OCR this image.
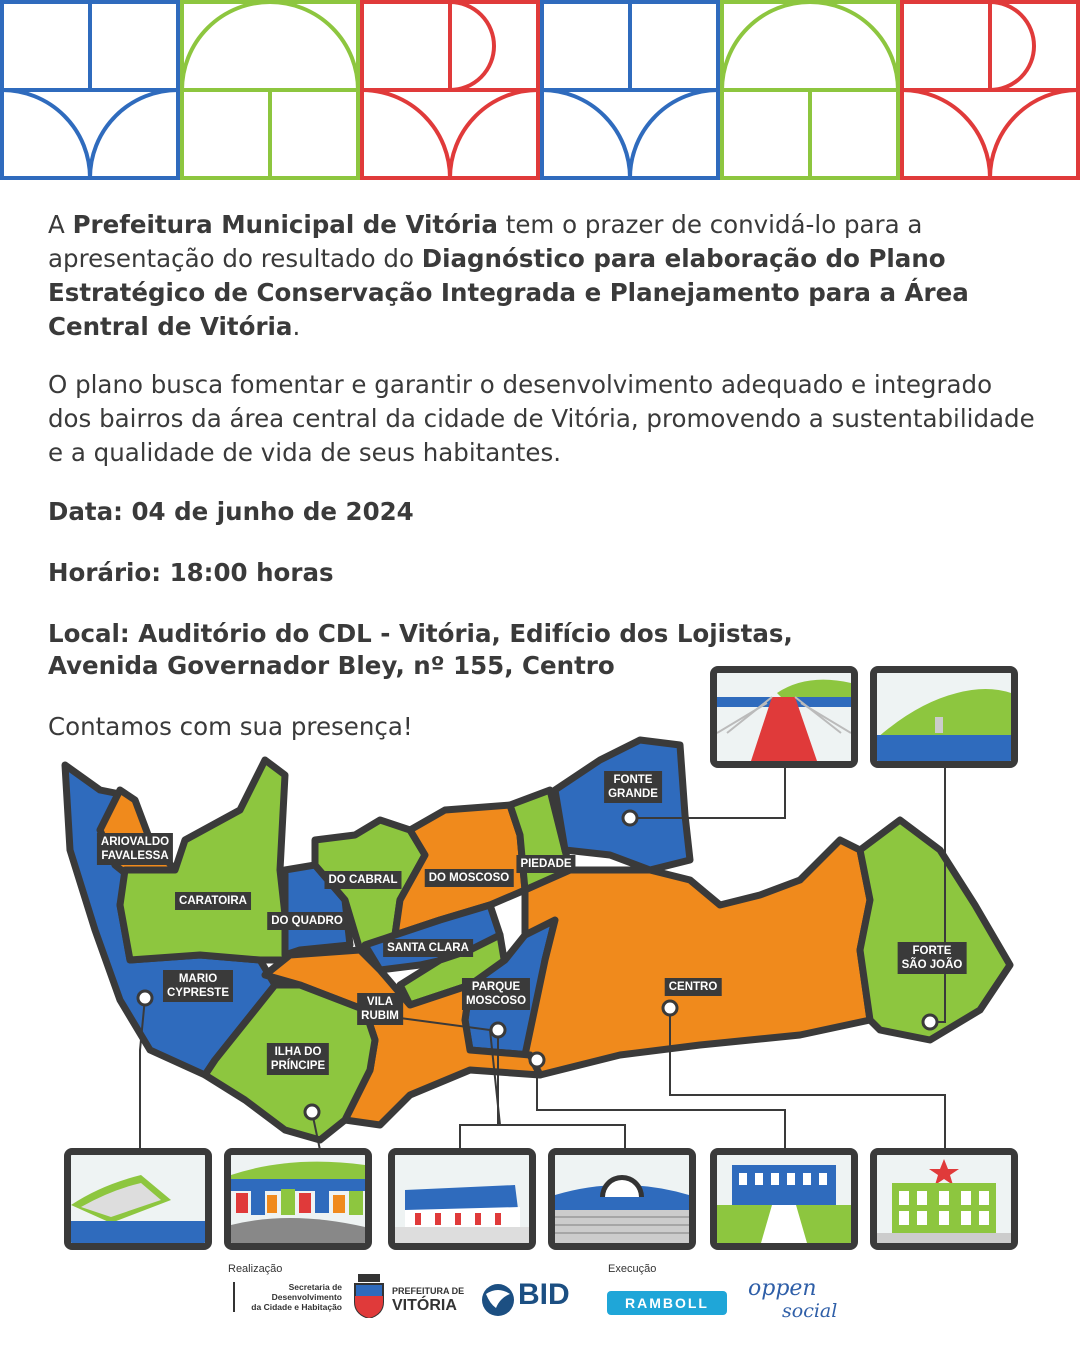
A Prefeitura Municipal de Vitória tem o prazer de convidá-lo para a apresentação do resultado do Diagnóstico para elaboração do Plano Estratégico de Conservação Integrada e Planejamento para a Área Central de Vitória.

O plano busca fomentar e garantir o desenvolvimento adequado e integrado dos bairros da área central da cidade de Vitória, promovendo a sustentabilidade e a qualidade de vida de seus habitantes.

Data: 04 de junho de 2024

Horário: 18:00 horas

Local: Auditório do CDL - Vitória, Edifício dos Lojistas,

Avenida Governador Bley, nº 155, Centro

Contamos com sua presença!

ARIOVALDO
FAVALESSA
CARATOIRA
DO QUADRO
DO CABRAL	DO MOSCOSO
PIEDADE
FONTE
GRANDE
SANTA CLARA
MARIO
CYPRESTE
VILA
RUBIM
PARQUE
MOSCOSO
CENTRO
FORTE
SÃO JOÃO
ILHA DO
PRÍNCIPE
Realização
Secretaria de
Desenvolvimento
da Cidade e Habitação
PREFEITURA DE
VITÓRIA BID
Execução
RAMBOLL
oppen
social
